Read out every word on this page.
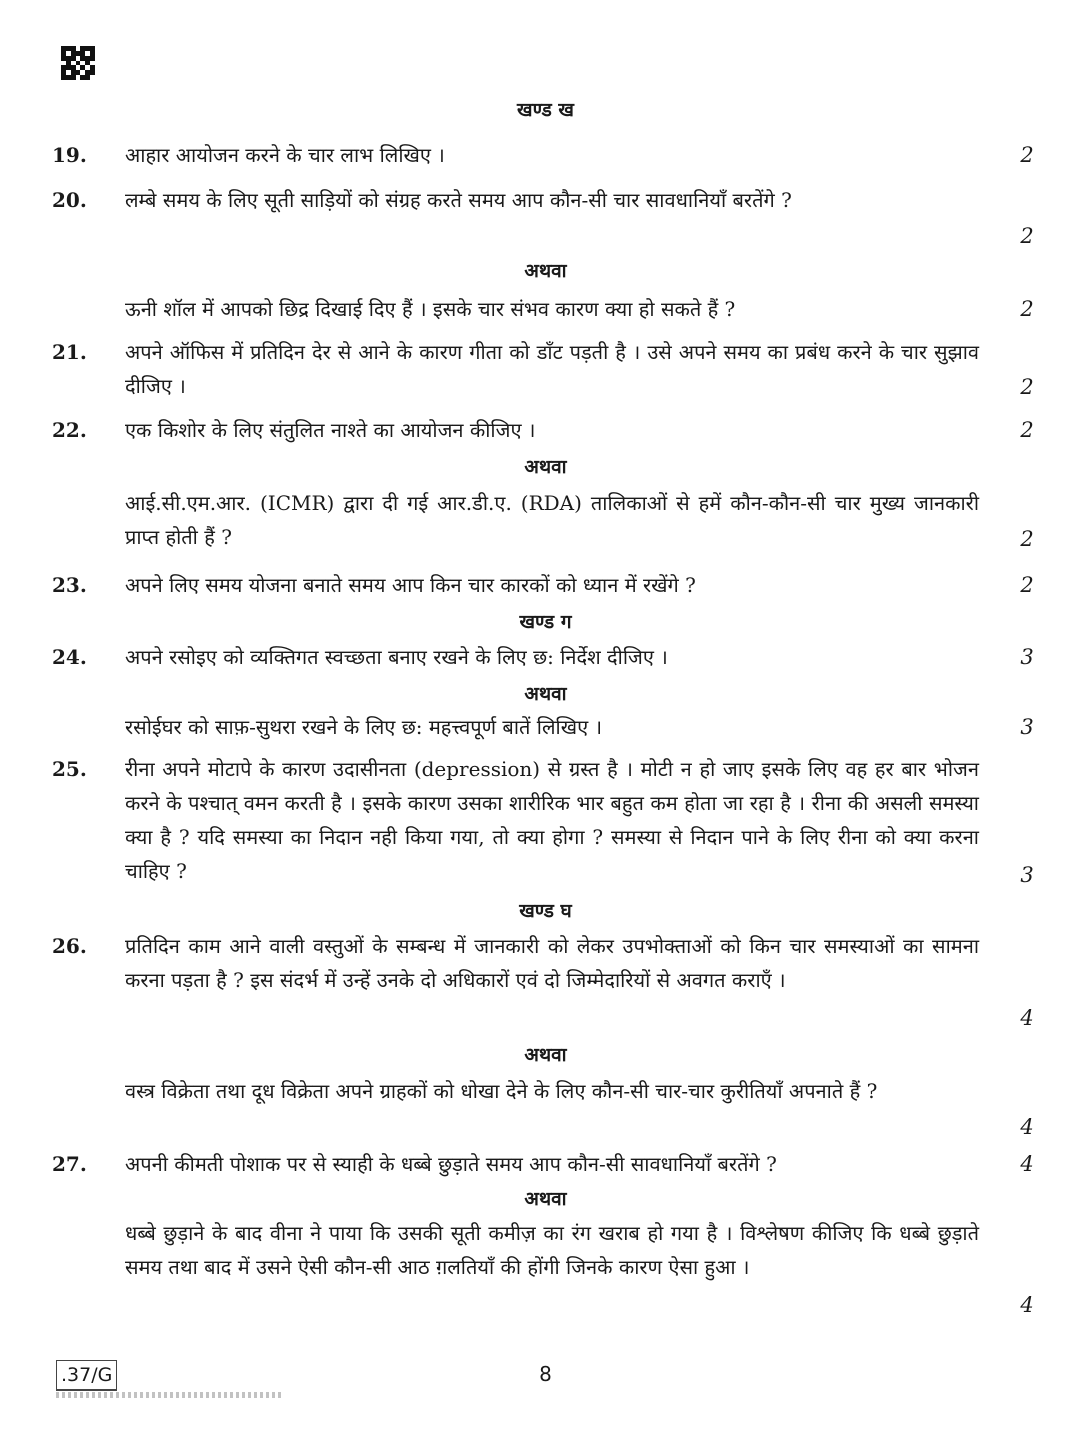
खण्ड ख
19.	आहार आयोजन करने के चार लाभ लिखिए ।	2
20.	लम्बे समय के लिए सूती साड़ियों को संग्रह करते समय आप कौन-सी चार सावधानियाँ बरतेंगे ?
2
अथवा
ऊनी शॉल में आपको छिद्र दिखाई दिए हैं । इसके चार संभव कारण क्या हो सकते हैं ?	2
21.	अपने ऑफिस में प्रतिदिन देर से आने के कारण गीता को डाँट पड़ती है । उसे अपने समय का प्रबंध करने के चार सुझाव दीजिए ।	2
22.	एक किशोर के लिए संतुलित नाश्ते का आयोजन कीजिए ।	2
अथवा
आई.सी.एम.आर. (ICMR) द्वारा दी गई आर.डी.ए. (RDA) तालिकाओं से हमें कौन-कौन-सी चार मुख्य जानकारी प्राप्त होती हैं ?	2
23.	अपने लिए समय योजना बनाते समय आप किन चार कारकों को ध्यान में रखेंगे ?	2
खण्ड ग
24.	अपने रसोइए को व्यक्तिगत स्वच्छता बनाए रखने के लिए छ: निर्देश दीजिए ।	3
अथवा
रसोईघर को साफ़-सुथरा रखने के लिए छ: महत्त्वपूर्ण बातें लिखिए ।	3
25.	रीना अपने मोटापे के कारण उदासीनता (depression) से ग्रस्त है । मोटी न हो जाए इसके लिए वह हर बार भोजन करने के पश्चात् वमन करती है । इसके कारण उसका शारीरिक भार बहुत कम होता जा रहा है । रीना की असली समस्या क्या है ? यदि समस्या का निदान नही किया गया, तो क्या होगा ? समस्या से निदान पाने के लिए रीना को क्या करना चाहिए ?	3
खण्ड घ
26.	प्रतिदिन काम आने वाली वस्तुओं के सम्बन्ध में जानकारी को लेकर उपभोक्ताओं को किन चार समस्याओं का सामना करना पड़ता है ? इस संदर्भ में उन्हें उनके दो अधिकारों एवं दो जिम्मेदारियों से अवगत कराएँ ।
4
अथवा
वस्त्र विक्रेता तथा दूध विक्रेता अपने ग्राहकों को धोखा देने के लिए कौन-सी चार-चार कुरीतियाँ अपनाते हैं ?
4
27.	अपनी कीमती पोशाक पर से स्याही के धब्बे छुड़ाते समय आप कौन-सी सावधानियाँ बरतेंगे ?	4
अथवा
धब्बे छुड़ाने के बाद वीना ने पाया कि उसकी सूती कमीज़ का रंग खराब हो गया है । विश्लेषण कीजिए कि धब्बे छुड़ाते समय तथा बाद में उसने ऐसी कौन-सी आठ ग़लतियाँ की होंगी जिनके कारण ऐसा हुआ ।
4
.37/G	8
